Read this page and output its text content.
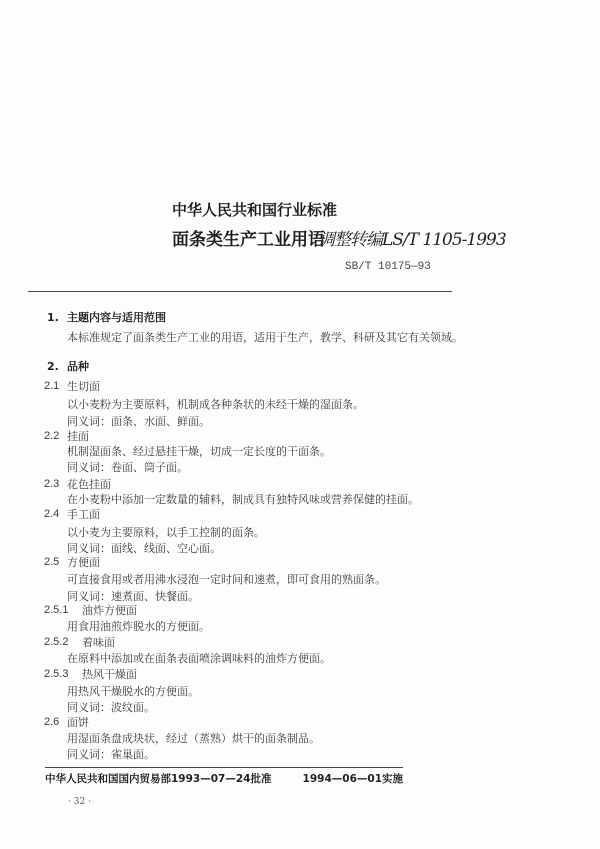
中华人民共和国行业标准
面条类生产工业用语
调整转编LS/T 1105-1993
SB/T 10175—93
1. 主题内容与适用范围
本标准规定了面条类生产工业的用语，适用于生产，教学、科研及其它有关领域。
2. 品种
2.1 生切面
以小麦粉为主要原料，机制成各种条状的未经干燥的湿面条。
同义词：面条、水面、鲜面。
2.2 挂面
机制湿面条、经过悬挂干燥，切成一定长度的干面条。
同义词：卷面、筒子面。
2.3 花色挂面
在小麦粉中添加一定数量的辅料，制成具有独特风味或营养保健的挂面。
2.4 手工面
以小麦为主要原料，以手工控制的面条。
同义词：面线、线面、空心面。
2.5 方便面
可直接食用或者用沸水浸泡一定时间和速煮，即可食用的熟面条。
同义词：速煮面、快餐面。
2.5.1 油炸方便面
用食用油煎炸脱水的方便面。
2.5.2 着味面
在原料中添加或在面条表面喷涂调味料的油炸方便面。
2.5.3 热风干燥面
用热风干燥脱水的方便面。
同义词：波纹面。
2.6 面饼
用湿面条盘成块状，经过（蒸熟）烘干的面条制品。
同义词：雀巢面。
中华人民共和国国内贸易部1993—07—24批准	1994—06—01实施
· 32 ·
